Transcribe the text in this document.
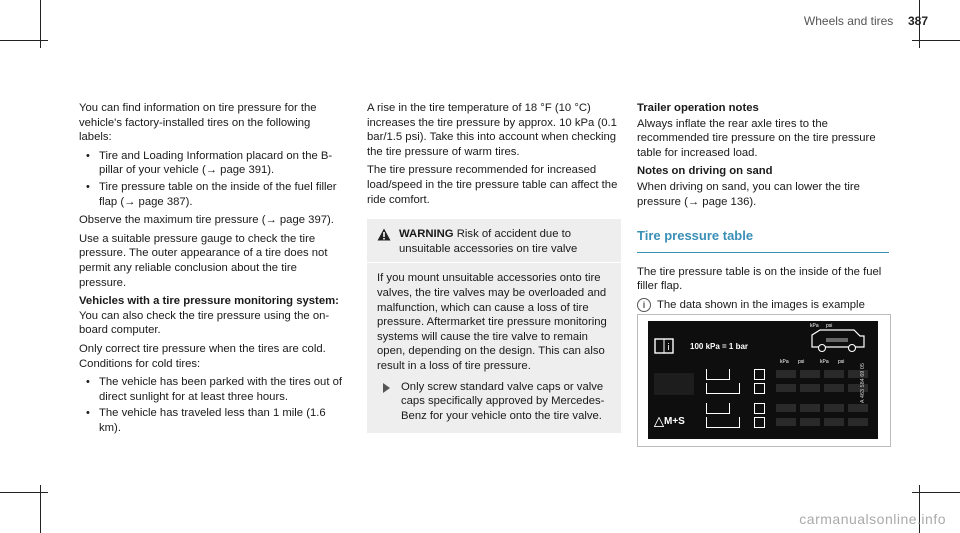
Wheels and tires 387

You can find information on tire pressure for the vehicle's factory-installed tires on the following labels:

• Tire and Loading Information placard on the B-pillar of your vehicle (→ page 391).
• Tire pressure table on the inside of the fuel filler flap (→ page 387).

Observe the maximum tire pressure (→ page 397).

Use a suitable pressure gauge to check the tire pressure. The outer appearance of a tire does not permit any reliable conclusion about the tire pressure.

Vehicles with a tire pressure monitoring system: You can also check the tire pressure using the on-board computer.

Only correct tire pressure when the tires are cold. Conditions for cold tires:

• The vehicle has been parked with the tires out of direct sunlight for at least three hours.
• The vehicle has traveled less than 1 mile (1.6 km).

A rise in the tire temperature of 18 °F (10 °C) increases the tire pressure by approx. 10 kPa (0.1 bar/1.5 psi). Take this into account when checking the tire pressure of warm tires.

The tire pressure recommended for increased load/speed in the tire pressure table can affect the ride comfort.

WARNING Risk of accident due to unsuitable accessories on tire valve

If you mount unsuitable accessories onto tire valves, the tire valves may be overloaded and malfunction, which can cause a loss of tire pressure. Aftermarket tire pressure monitoring systems will cause the tire valve to remain open, depending on the design. This can also result in a loss of tire pressure.

Only screw standard valve caps or valve caps specifically approved by Mercedes-Benz for your vehicle onto the tire valve.

Trailer operation notes

Always inflate the rear axle tires to the recommended tire pressure on the tire pressure table for increased load.

Notes on driving on sand

When driving on sand, you can lower the tire pressure (→ page 136).

Tire pressure table

The tire pressure table is on the inside of the fuel filler flap.

i	The data shown in the images is example
i	100 kPa = 1 bar
kPa psi
kPa psi	kPa psi
M+S
A 463 584 69 05
carmanualsonline.info
